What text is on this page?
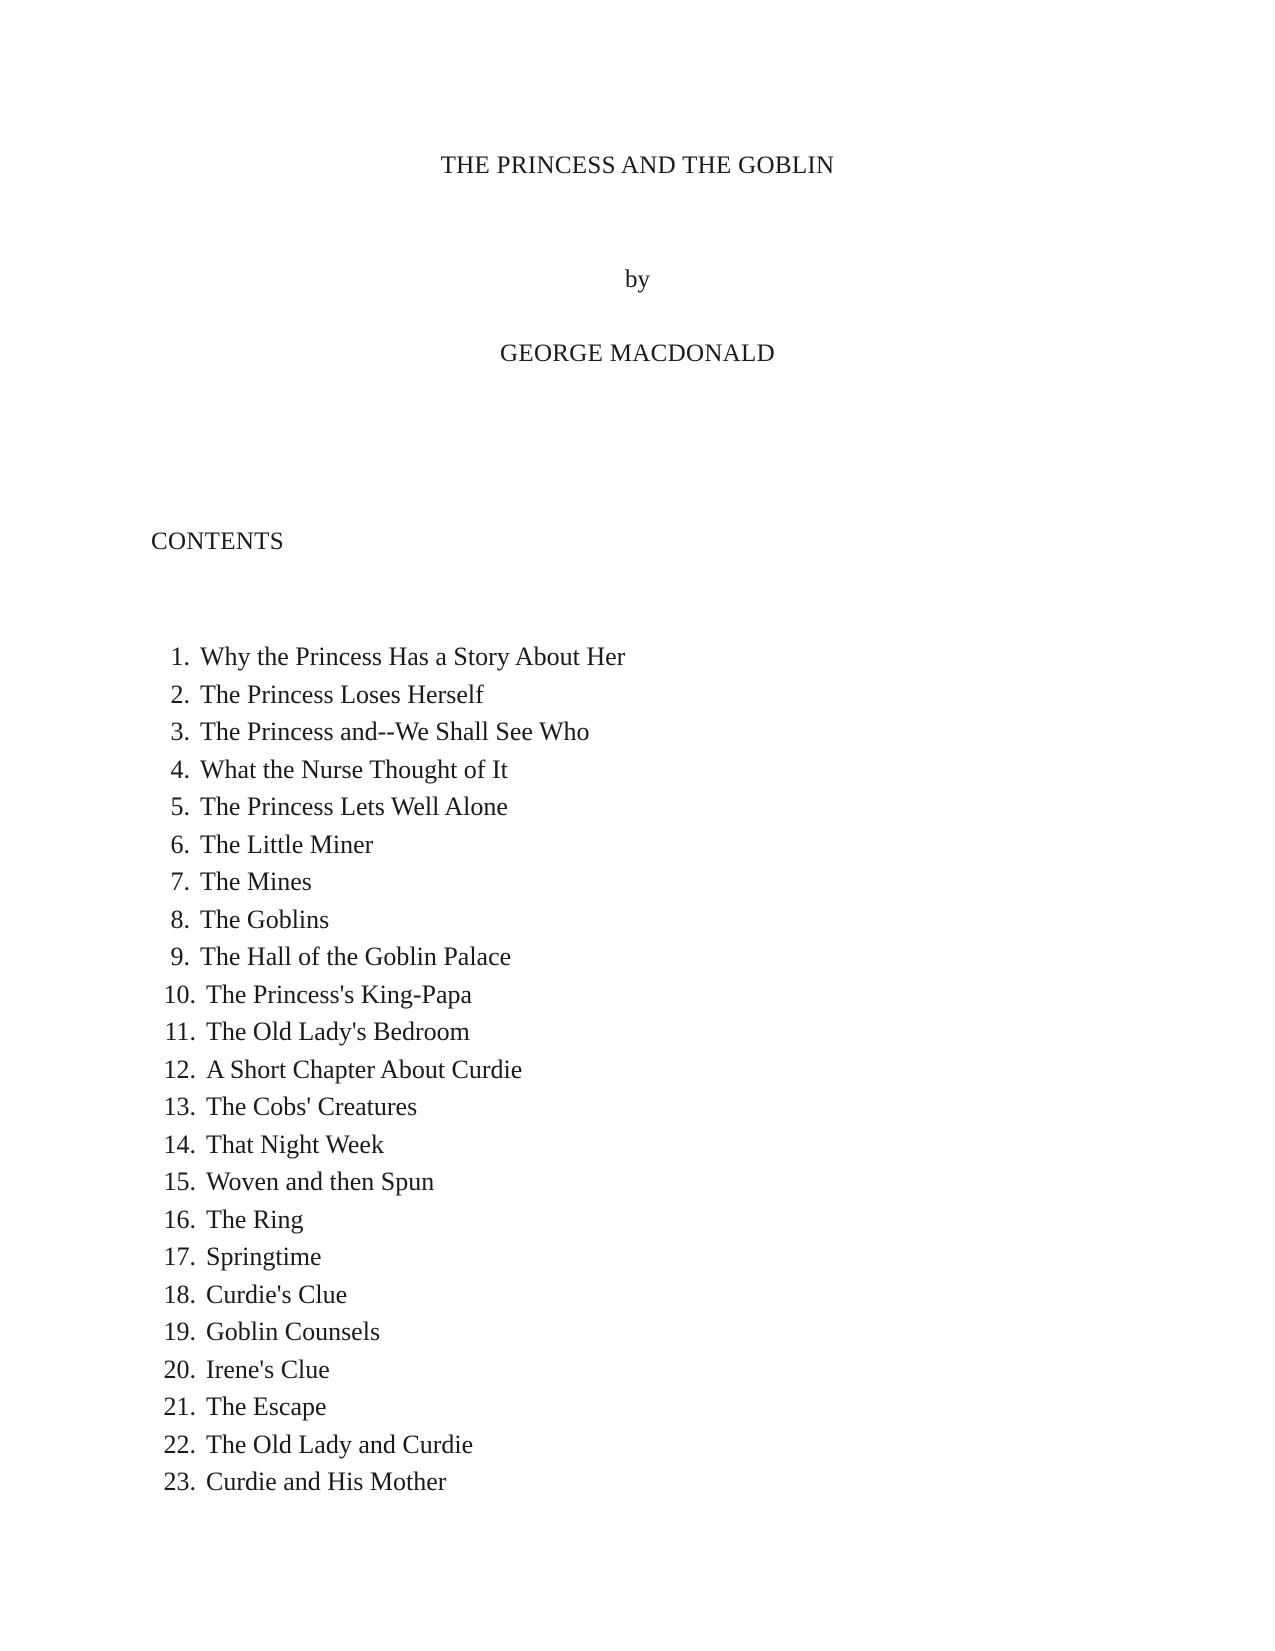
THE PRINCESS AND THE GOBLIN
by
GEORGE MACDONALD
CONTENTS
1. Why the Princess Has a Story About Her
2. The Princess Loses Herself
3. The Princess and--We Shall See Who
4. What the Nurse Thought of It
5. The Princess Lets Well Alone
6. The Little Miner
7. The Mines
8. The Goblins
9. The Hall of the Goblin Palace
10. The Princess's King-Papa
11. The Old Lady's Bedroom
12. A Short Chapter About Curdie
13. The Cobs' Creatures
14. That Night Week
15. Woven and then Spun
16. The Ring
17. Springtime
18. Curdie's Clue
19. Goblin Counsels
20. Irene's Clue
21. The Escape
22. The Old Lady and Curdie
23. Curdie and His Mother
